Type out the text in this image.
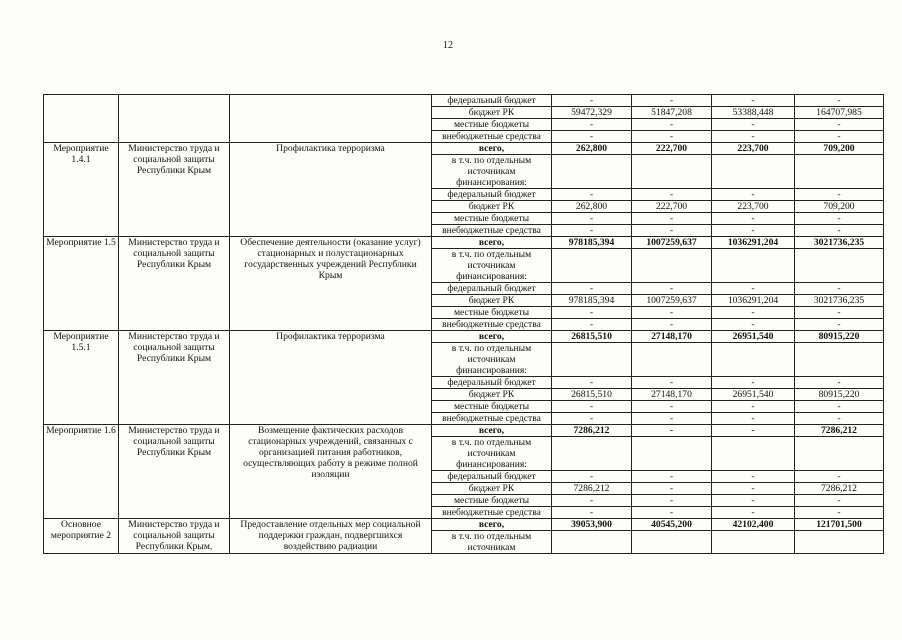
12
			федеральный бюджет	-	-	-	-
			бюджет РК	59472,329	51847,208	53388,448	164707,985
			местные бюджеты	-	-	-	-
			внебюджетные средства	-	-	-	-
Мероприятие 1.4.1	Министерство труда и социальной защиты Республики Крым	Профилактика терроризма	всего,	262,800	222,700	223,700	709,200
			в т.ч. по отдельным источникам финансирования:				
			федеральный бюджет	-	-	-	-
			бюджет РК	262,800	222,700	223,700	709,200
			местные бюджеты	-	-	-	-
			внебюджетные средства	-	-	-	-
Мероприятие 1.5	Министерство труда и социальной защиты Республики Крым	Обеспечение деятельности (оказание услуг) стационарных и полустационарных государственных учреждений Республики Крым	всего,	978185,394	1007259,637	1036291,204	3021736,235
			в т.ч. по отдельным источникам финансирования:				
			федеральный бюджет	-	-	-	-
			бюджет РК	978185,394	1007259,637	1036291,204	3021736,235
			местные бюджеты	-	-	-	-
			внебюджетные средства	-	-	-	-
Мероприятие 1.5.1	Министерство труда и социальной защиты Республики Крым	Профилактика терроризма	всего,	26815,510	27148,170	26951,540	80915,220
			в т.ч. по отдельным источникам финансирования:				
			федеральный бюджет	-	-	-	-
			бюджет РК	26815,510	27148,170	26951,540	80915,220
			местные бюджеты	-	-	-	-
			внебюджетные средства	-	-	-	-
Мероприятие 1.6	Министерство труда и социальной защиты Республики Крым	Возмещение фактических расходов стационарных учреждений, связанных с организацией питания работников, осуществляющих работу в режиме полной изоляции	всего,	7286,212	-	-	7286,212
			в т.ч. по отдельным источникам финансирования:				
			федеральный бюджет	-	-	-	-
			бюджет РК	7286,212	-	-	7286,212
			местные бюджеты	-	-	-	-
			внебюджетные средства	-	-	-	-
Основное мероприятие 2	Министерство труда и социальной защиты Республики Крым,	Предоставление отдельных мер социальной поддержки граждан, подвергшихся воздействию радиации	всего,	39053,900	40545,200	42102,400	121701,500
			в т.ч. по отдельным источникам				
